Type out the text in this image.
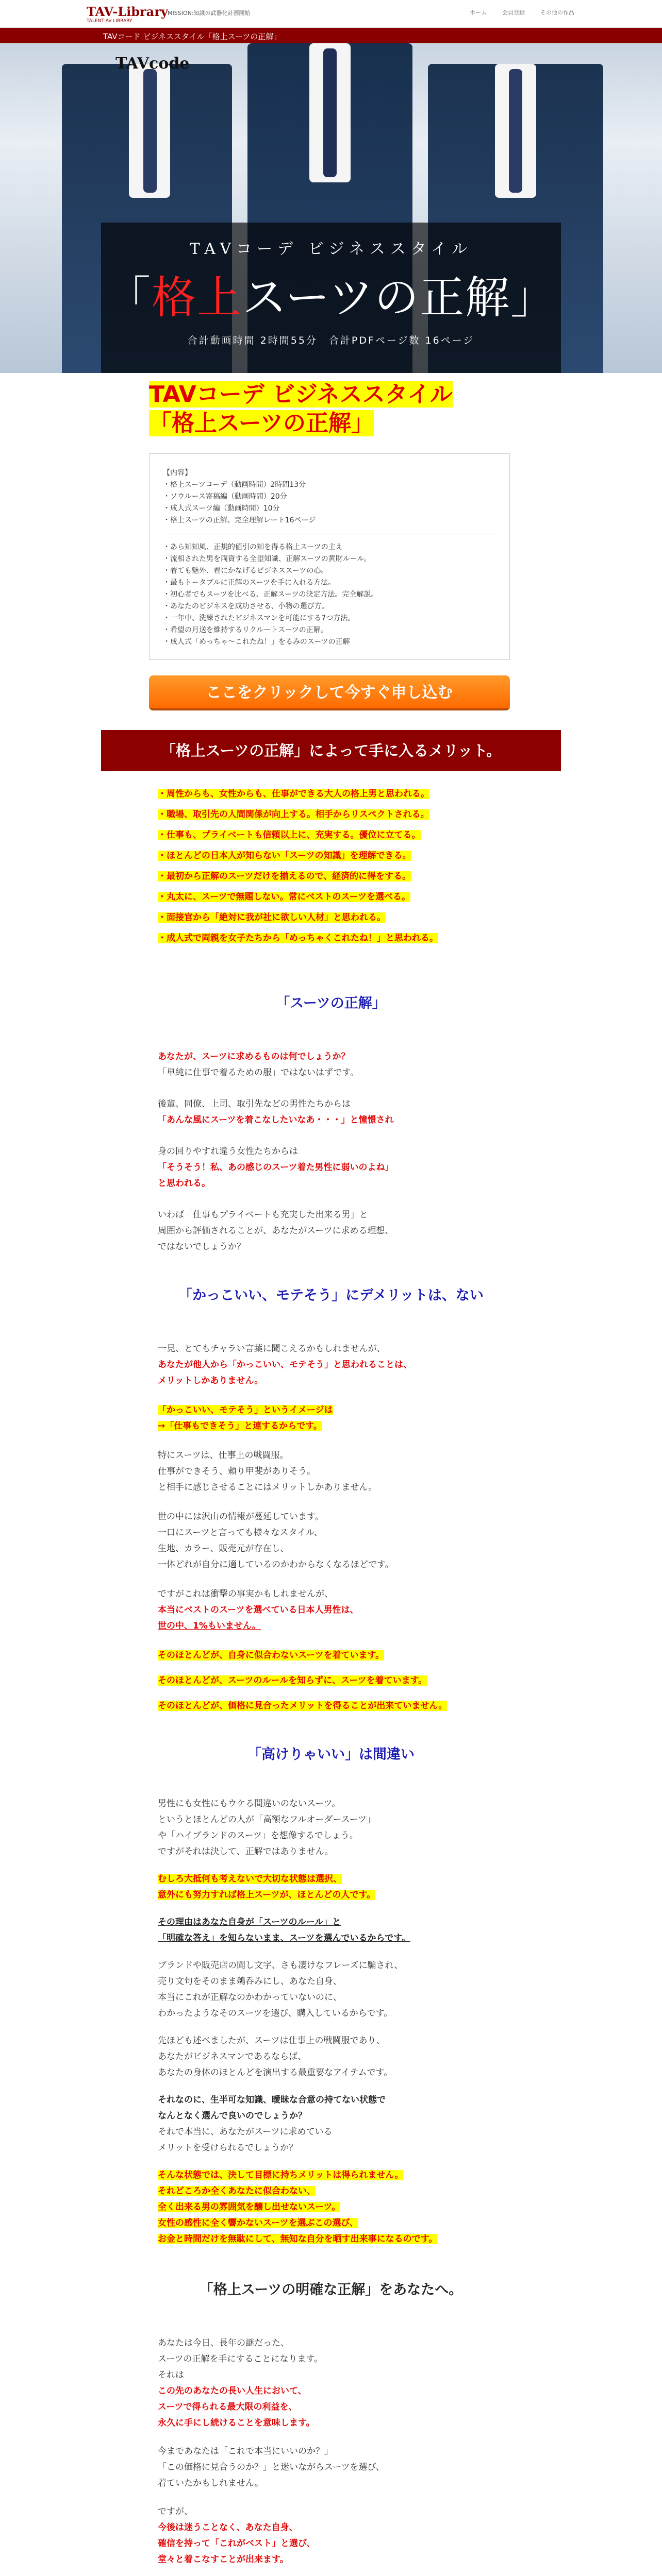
TAV-Library
TALENT AV LIBRARY
MISSION:知識の武器化計画開始	ホーム	会員登録	その他の作品
TAVコード ビジネススタイル「格上スーツの正解」
TAVcode
TAVコーデ ビジネススタイル
「格上スーツの正解」
合計動画時間 2時間55分　合計PDFページ数 16ページ
TAVコーデ ビジネススタイル
「格上スーツの正解」
【内容】
・格上スーツコーデ（動画時間）2時間13分
・ソウルース寄稿編（動画時間）20分
・成人式スーツ編（動画時間）10分
・格上スーツの正解、完全理解レート16ページ
・あら知知風、正規的値引の知を得る格上スーツの主え
・流相された男を両資する全望知識、正解スーツの黄財ルール。
・着ても魅外、着にかなげるビジネススーツの心。
・最もトータブルに正解のスーツを手に入れる方法。
・初心者でもスーツを比べる、正解スーツの決定方法。完全解説。
・あなたのビジネスを成功させる、小物の選び方。
・一年中、洗練されたビジネスマンを可能にする7つ方法。
・希望の月送を維持するリクルートスーツの正解。
・成人式「めっちゃ〜これたね！」をるみのスーツの正解
ここをクリックして今すぐ申し込む
「格上スーツの正解」によって手に入るメリット。
・周性からも、女性からも、仕事ができる大人の格上男と思われる。
・職場、取引先の人間関係が向上する。相手からリスペクトされる。
・仕事も、プライベートも信頼以上に、充実する。優位に立てる。
・ほとんどの日本人が知らない「スーツの知識」を理解できる。
・最初から正解のスーツだけを揃えるので、経済的に得をする。
・丸太に、スーツで無題しない。常にベストのスーツを選べる。
・面接官から「絶対に我が社に欲しい人材」と思われる。
・成人式で両親を女子たちから「めっちゃくこれたね！」と思われる。
「スーツの正解」
あなたが、スーツに求めるものは何でしょうか？
「単純に仕事で着るための服」ではないはずです。
後輩、同僚、上司、取引先などの男性たちからは
「あんな風にスーツを着こなしたいなあ・・・」と憧憬され
身の回りやすれ違う女性たちからは
「そうそう！私、あの感じのスーツ着た男性に弱いのよね」
と思われる。
いわば「仕事もプライベートも充実した出来る男」と
周囲から評価されることが、あなたがスーツに求める理想、
ではないでしょうか？
「かっこいい、モテそう」にデメリットは、ない
一見、とてもチャラい言葉に聞こえるかもしれませんが、
あなたが他人から「かっこいい、モテそう」と思われることは、
メリットしかありません。
「かっこいい、モテそう」というイメージは
→「仕事もできそう」と連するからです。
特にスーツは、仕事上の戦闘服。
仕事ができそう、頼り甲斐がありそう。
と相手に感じさせることにはメリットしかありません。
世の中には沢山の情報が蔓延しています。
一口にスーツと言っても様々なスタイル、
生地、カラー、販売元が存在し、
一体どれが自分に適しているのかわからなくなるほどです。
ですがこれは衝撃の事実かもしれませんが、
本当にベストのスーツを選べている日本人男性は、
世の中、1%もいません。
そのほとんどが、自身に似合わないスーツを着ています。
そのほとんどが、スーツのルールを知らずに、スーツを着ています。
そのほとんどが、価格に見合ったメリットを得ることが出来ていません。
「高けりゃいい」は間違い
男性にも女性にもウケる間違いのないスーツ。
というとほとんどの人が「高額なフルオーダースーツ」
や「ハイブランドのスーツ」を想像するでしょう。
ですがそれは決して、正解ではありません。
むしろ大抵何も考えないで大切な状態は選択、
意外にも努力すれば格上スーツが、ほとんどの人です。
その理由はあなた自身が「スーツのルール」と
「明確な答え」を知らないまま、スーツを選んでいるからです。
ブランドや販売店の聞し文字、さも凄けなフレーズに騙され、
売り文句をそのまま鵜呑みにし、あなた自身、
本当にこれが正解なのかわかっていないのに、
わかったようなそのスーツを選び、購入しているからです。
先ほども述べましたが、スーツは仕事上の戦闘服であり、
あなたがビジネスマンであるならば、
あなたの身体のほとんどを演出する最重要なアイテムです。
それなのに、生半可な知識、曖昧な合意の持てない状態で
なんとなく選んで良いのでしょうか？
それで本当に、あなたがスーツに求めている
メリットを受けられるでしょうか？
そんな状態では、決して目標に持ちメリットは得られません。
それどころか全くあなたに似合わない、
全く出来る男の雰囲気を醸し出せないスーツ。
女性の感性に全く響かないスーツを選ぶこの選び、
お金と時間だけを無駄にして、無知な自分を晒す出来事になるのです。
「格上スーツの明確な正解」をあなたへ。
あなたは今日、長年の謎だった、
スーツの正解を手にすることになります。
それは
この先のあなたの長い人生において、
スーツで得られる最大限の利益を、
永久に手にし続けることを意味します。
今まであなたは「これで本当にいいのか？」
「この価格に見合うのか？」と迷いながらスーツを選び、
着ていたかもしれません。
ですが、
今後は迷うことなく、あなた自身、
確信を持って「これがベスト」と選び、
堂々と着こなすことが出来ます。
